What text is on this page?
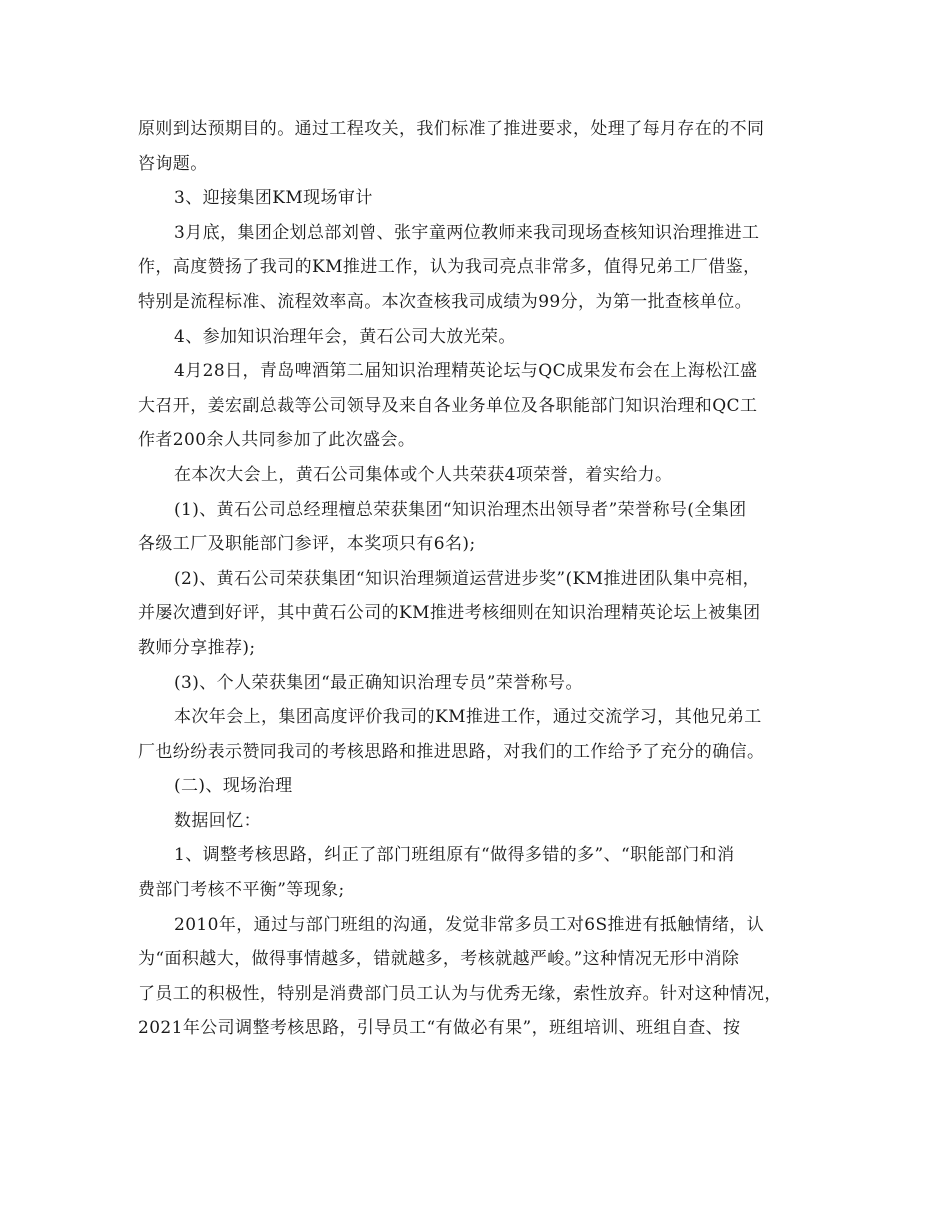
原则到达预期目的。通过工程攻关，我们标准了推进要求，处理了每月存在的不同
咨询题。
3、迎接集团KM现场审计
3月底，集团企划总部刘曾、张宇童两位教师来我司现场查核知识治理推进工
作，高度赞扬了我司的KM推进工作，认为我司亮点非常多，值得兄弟工厂借鉴，
特别是流程标准、流程效率高。本次查核我司成绩为99分，为第一批查核单位。
4、参加知识治理年会，黄石公司大放光荣。
4月28日，青岛啤酒第二届知识治理精英论坛与QC成果发布会在上海松江盛
大召开，姜宏副总裁等公司领导及来自各业务单位及各职能部门知识治理和QC工
作者200余人共同参加了此次盛会。
在本次大会上，黄石公司集体或个人共荣获4项荣誉，着实给力。
(1)、黄石公司总经理檀总荣获集团“知识治理杰出领导者”荣誉称号(全集团
各级工厂及职能部门参评，本奖项只有6名);
(2)、黄石公司荣获集团“知识治理频道运营进步奖”(KM推进团队集中亮相，
并屡次遭到好评，其中黄石公司的KM推进考核细则在知识治理精英论坛上被集团
教师分享推荐);
(3)、个人荣获集团“最正确知识治理专员”荣誉称号。
本次年会上，集团高度评价我司的KM推进工作，通过交流学习，其他兄弟工
厂也纷纷表示赞同我司的考核思路和推进思路，对我们的工作给予了充分的确信。
(二)、现场治理
数据回忆：
1、调整考核思路，纠正了部门班组原有“做得多错的多”、“职能部门和消
费部门考核不平衡”等现象;
2010年，通过与部门班组的沟通，发觉非常多员工对6S推进有抵触情绪，认
为“面积越大，做得事情越多，错就越多，考核就越严峻。”这种情况无形中消除
了员工的积极性，特别是消费部门员工认为与优秀无缘，索性放弃。针对这种情况，
2021年公司调整考核思路，引导员工“有做必有果”，班组培训、班组自查、按
